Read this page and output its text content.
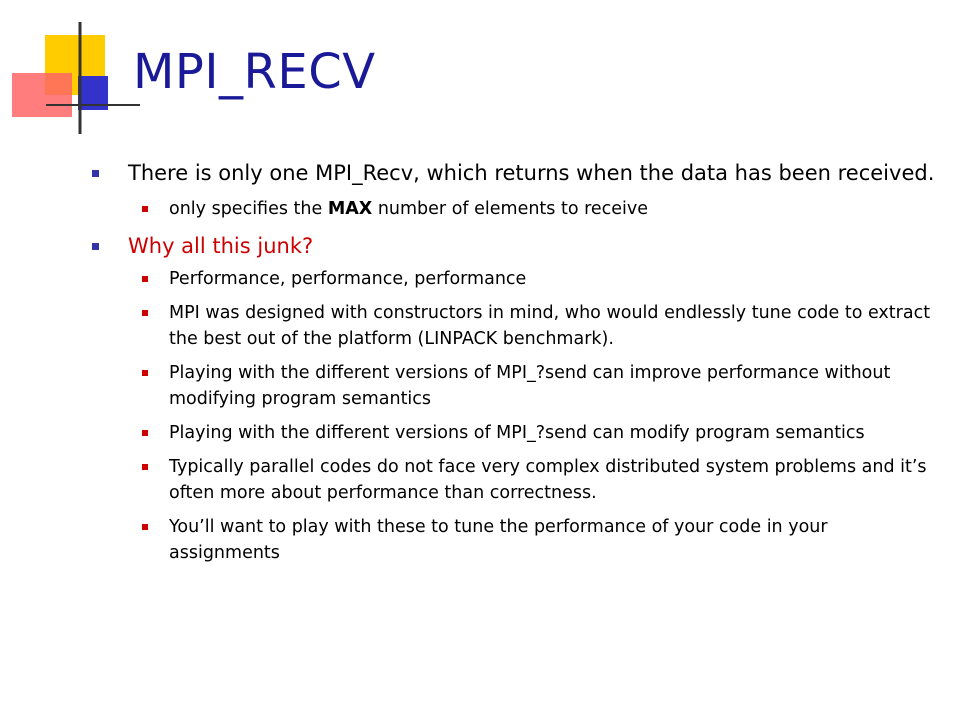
MPI_RECV
There is only one MPI_Recv, which returns when the data has been received.
only specifies the MAX number of elements to receive
Why all this junk?
Performance, performance, performance
MPI was designed with constructors in mind, who would endlessly tune code to extract the best out of the platform (LINPACK benchmark).
Playing with the different versions of MPI_?send can improve performance without modifying program semantics
Playing with the different versions of MPI_?send can modify program semantics
Typically parallel codes do not face very complex distributed system problems and it’s often more about performance than correctness.
You’ll want to play with these to tune the performance of your code in your assignments
